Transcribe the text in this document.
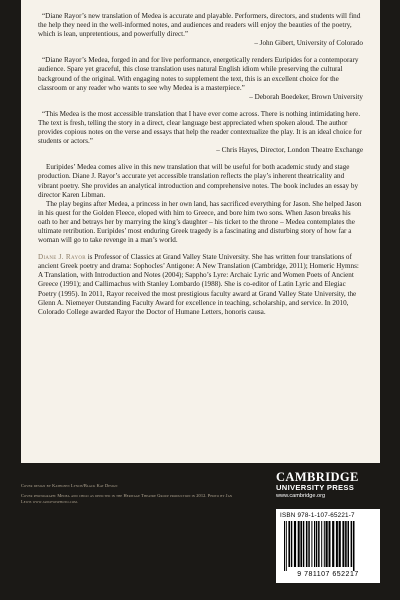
“Diane Rayor’s new translation of Medea is accurate and playable. Performers, directors, and students will find the help they need in the well-informed notes, and audiences and readers will enjoy the beauties of the poetry, which is lean, unpretentious, and powerfully direct.”

– John Gibert, University of Colorado

“Diane Rayor’s Medea, forged in and for live performance, energetically renders Euripides for a contemporary audience. Spare yet graceful, this close translation uses natural English idiom while preserving the cultural background of the original. With engaging notes to supplement the text, this is an excellent choice for the classroom or any reader who wants to see why Medea is a masterpiece.”

– Deborah Boedeker, Brown University

“This Medea is the most accessible translation that I have ever come across. There is nothing intimidating here. The text is fresh, telling the story in a direct, clear language best appreciated when spoken aloud. The author provides copious notes on the verse and essays that help the reader contextualize the play. It is an ideal choice for students or actors.”

– Chris Hayes, Director, London Theatre Exchange

Euripides’ Medea comes alive in this new translation that will be useful for both academic study and stage production. Diane J. Rayor’s accurate yet accessible translation reflects the play’s inherent theatricality and vibrant poetry. She provides an analytical introduction and comprehensive notes. The book includes an essay by director Karen Libman.

The play begins after Medea, a princess in her own land, has sacrificed everything for Jason. She helped Jason in his quest for the Golden Fleece, eloped with him to Greece, and bore him two sons. When Jason breaks his oath to her and betrays her by marrying the king’s daughter – his ticket to the throne – Medea contemplates the ultimate retribution. Euripides’ most enduring Greek tragedy is a fascinating and disturbing story of how far a woman will go to take revenge in a man’s world.

Diane J. Rayor is Professor of Classics at Grand Valley State University. She has written four translations of ancient Greek poetry and drama: Sophocles’ Antigone: A New Translation (Cambridge, 2011); Homeric Hymns: A Translation, with Introduction and Notes (2004); Sappho’s Lyre: Archaic Lyric and Women Poets of Ancient Greece (1991); and Callimachus with Stanley Lombardo (1988). She is co-editor of Latin Lyric and Elegiac Poetry (1995). In 2011, Rayor received the most prestigious faculty award at Grand Valley State University, the Glenn A. Niemeyer Outstanding Faculty Award for excellence in teaching, scholarship, and service. In 2010, Colorado College awarded Rayor the Doctor of Humane Letters, honoris causa.

Cover design by Kathleen Lynch/Black Kat Design

Cover photograph: Medea and child as depicted in the Heritage Theatre Group production in 2012. Photo by Jan Lewis www.janlewisphoto.com.

CAMBRIDGE
UNIVERSITY PRESS
www.cambridge.org
ISBN 978-1-107-65221-7
9 781107 652217
